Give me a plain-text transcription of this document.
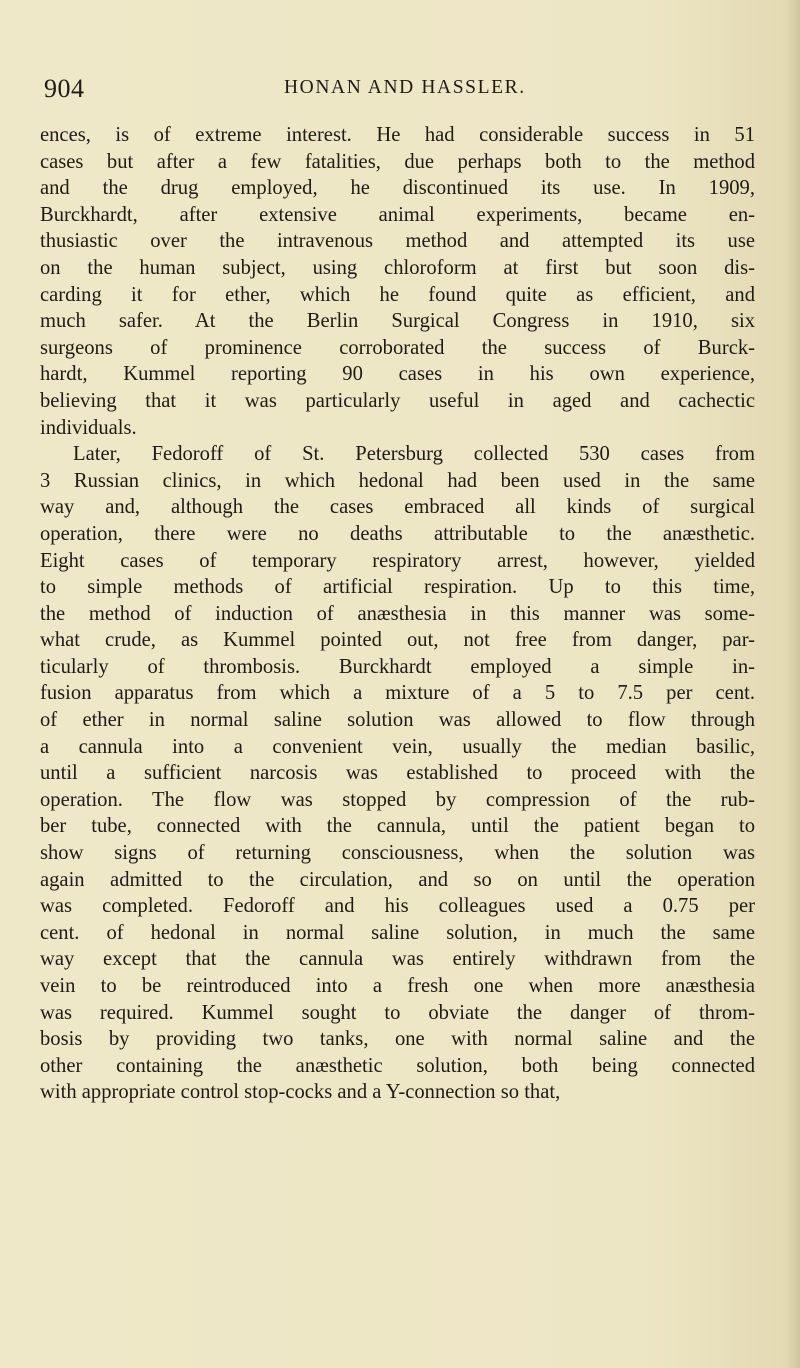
904	HONAN AND HASSLER.

ences, is of extreme interest. He had considerable success in 51
cases but after a few fatalities, due perhaps both to the method
and the drug employed, he discontinued its use. In 1909,
Burckhardt, after extensive animal experiments, became en-
thusiastic over the intravenous method and attempted its use
on the human subject, using chloroform at first but soon dis-
carding it for ether, which he found quite as efficient, and
much safer. At the Berlin Surgical Congress in 1910, six
surgeons of prominence corroborated the success of Burck-
hardt, Kummel reporting 90 cases in his own experience,
believing that it was particularly useful in aged and cachectic
individuals.

Later, Fedoroff of St. Petersburg collected 530 cases from
3 Russian clinics, in which hedonal had been used in the same
way and, although the cases embraced all kinds of surgical
operation, there were no deaths attributable to the anæsthetic.
Eight cases of temporary respiratory arrest, however, yielded
to simple methods of artificial respiration. Up to this time,
the method of induction of anæsthesia in this manner was some-
what crude, as Kummel pointed out, not free from danger, par-
ticularly of thrombosis. Burckhardt employed a simple in-
fusion apparatus from which a mixture of a 5 to 7.5 per cent.
of ether in normal saline solution was allowed to flow through
a cannula into a convenient vein, usually the median basilic,
until a sufficient narcosis was established to proceed with the
operation. The flow was stopped by compression of the rub-
ber tube, connected with the cannula, until the patient began to
show signs of returning consciousness, when the solution was
again admitted to the circulation, and so on until the operation
was completed. Fedoroff and his colleagues used a 0.75 per
cent. of hedonal in normal saline solution, in much the same
way except that the cannula was entirely withdrawn from the
vein to be reintroduced into a fresh one when more anæsthesia
was required. Kummel sought to obviate the danger of throm-
bosis by providing two tanks, one with normal saline and the
other containing the anæsthetic solution, both being connected
with appropriate control stop-cocks and a Y-connection so that,
